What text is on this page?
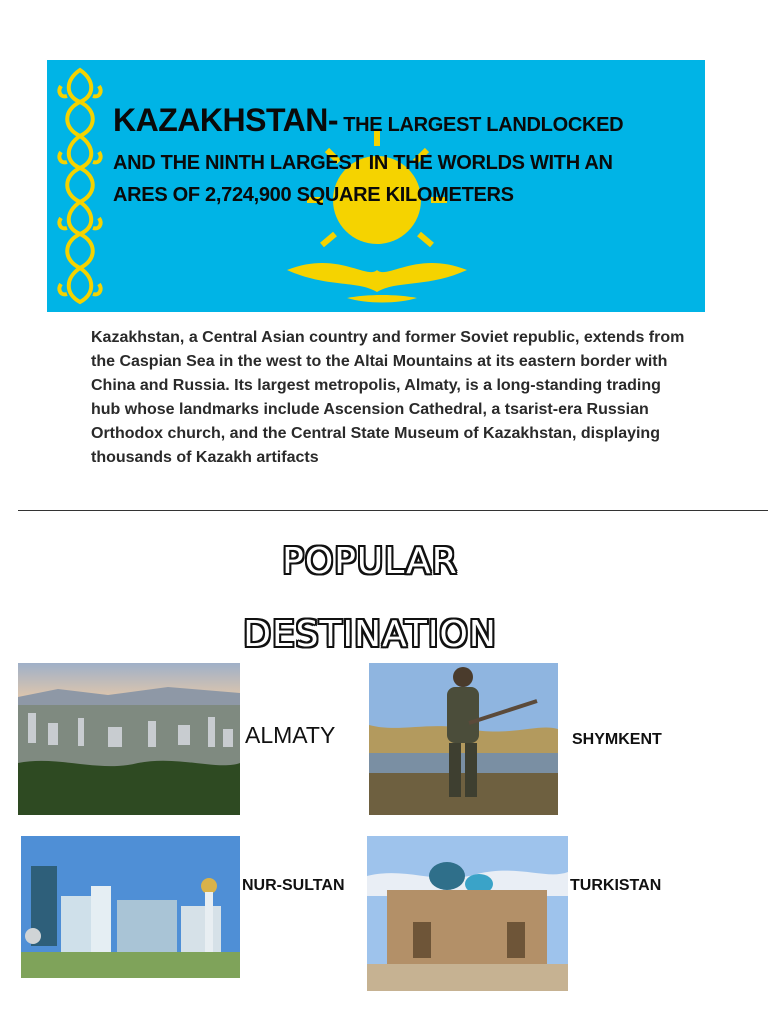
KAZAKHSTAN- THE LARGEST LANDLOCKED
AND THE NINTH LARGEST IN THE WORLDS WITH AN
ARES OF 2,724,900 SQUARE KILOMETERS

Kazakhstan, a Central Asian country and former Soviet republic, extends from the Caspian Sea in the west to the Altai Mountains at its eastern border with China and Russia. Its largest metropolis, Almaty, is a long-standing trading hub whose landmarks include Ascension Cathedral, a tsarist-era Russian Orthodox church, and the Central State Museum of Kazakhstan, displaying thousands of Kazakh artifacts

POPULAR
DESTINATION
ALMATY	SHYMKENT
NUR-SULTAN	TURKISTAN
